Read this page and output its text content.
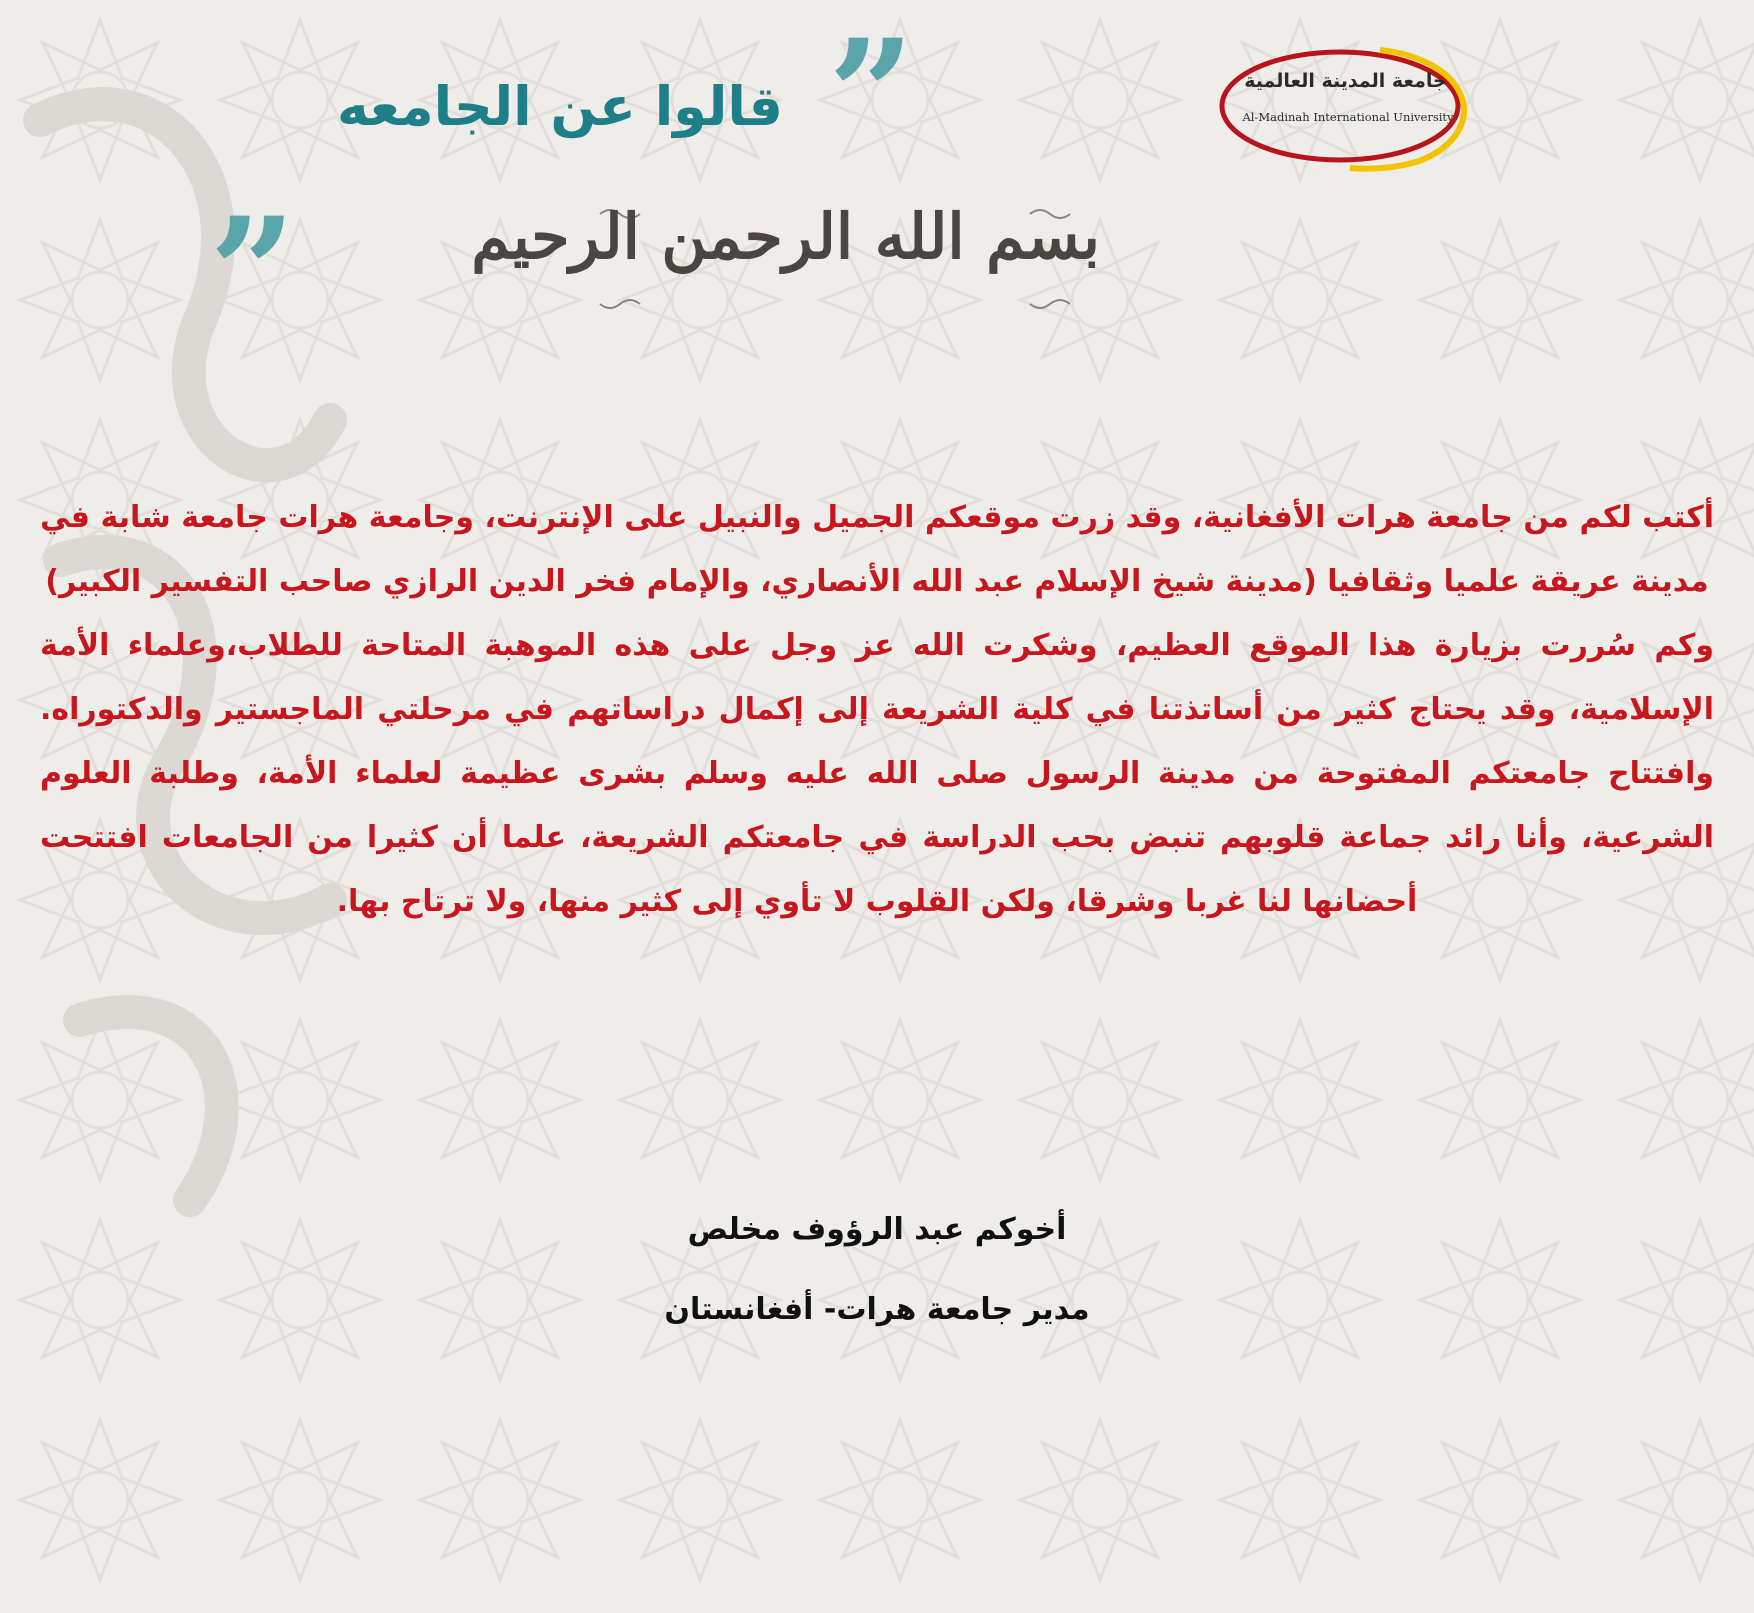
جامعة المدينة العالمية
Al-Madinah International University
”
قالوا عن الجامعه
„	بسم الله الرحمن الرحيم

أكتب لكم من جامعة هرات الأفغانية، وقد زرت موقعكم الجميل والنبيل على الإنترنت، وجامعة هرات جامعة شابة في مدينة عريقة علميا وثقافيا (مدينة شيخ الإسلام عبد الله الأنصاري، والإمام فخر الدين الرازي صاحب التفسير الكبير)

وكم سُررت بزيارة هذا الموقع العظيم، وشكرت الله عز وجل على هذه الموهبة المتاحة للطلاب،وعلماء الأمة الإسلامية، وقد يحتاج كثير من أساتذتنا في كلية الشريعة إلى إكمال دراساتهم في مرحلتي الماجستير والدكتوراه. وافتتاح جامعتكم المفتوحة من مدينة الرسول صلى الله عليه وسلم بشرى عظيمة لعلماء الأمة، وطلبة العلوم الشرعية، وأنا رائد جماعة قلوبهم تنبض بحب الدراسة في جامعتكم الشريعة، علما أن كثيرا من الجامعات افتتحت أحضانها لنا غربا وشرقا، ولكن القلوب لا تأوي إلى كثير منها، ولا ترتاح بها.

أخوكم عبد الرؤوف مخلص
مدير جامعة هرات- أفغانستان
